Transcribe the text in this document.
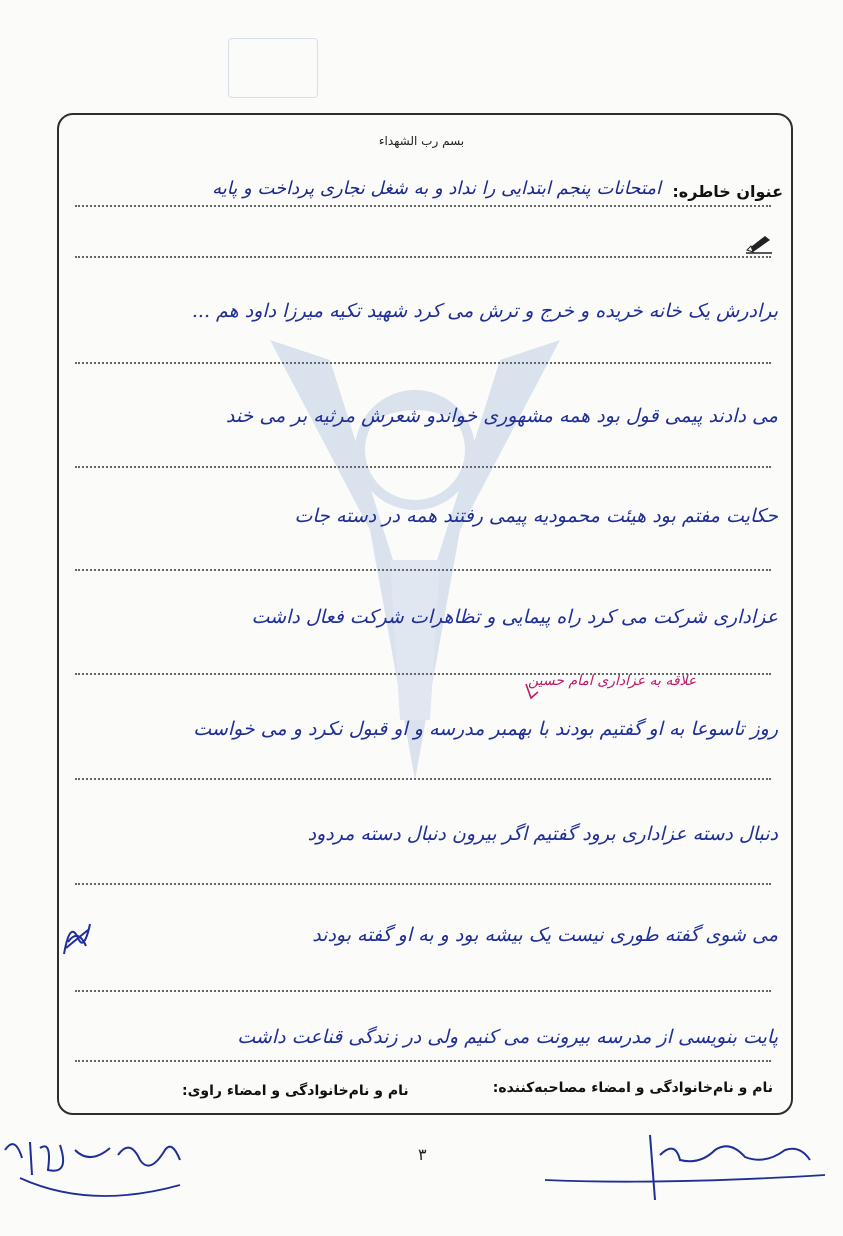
بسم رب الشهداء
عنوان خاطره:
امتحانات پنجم ابتدایی را نداد و به شغل نجاری پرداخت و پایه
برادرش یک خانه خریده و خرج و ترش می کرد شهید تکیه میرزا داود هم ...
می دادند پیمی قول بود همه مشهوری خواندو شعرش مرثیه بر می خند
حکایت مفتم بود هیئت محمودیه پیمی رفتند همه در دسته جات
عزاداری شرکت می کرد راه پیمایی و تظاهرات شرکت فعال داشت
علاقه به عزاداری امام حسین
روز تاسوعا به او گفتیم بودند با بهمبر مدرسه و او قبول نکرد و می خواست
دنبال دسته عزاداری برود گفتیم اگر بیرون دنبال دسته مردود
می شوی گفته طوری نیست یک بیشه بود و به او گفته بودند
پایت بنویسی از مدرسه بیرونت می کنیم ولی در زندگی قناعت داشت
نام و نام‌خانوادگی و امضاء راوی:	نام و نام‌خانوادگی و امضاء مصاحبه‌کننده:
۳
